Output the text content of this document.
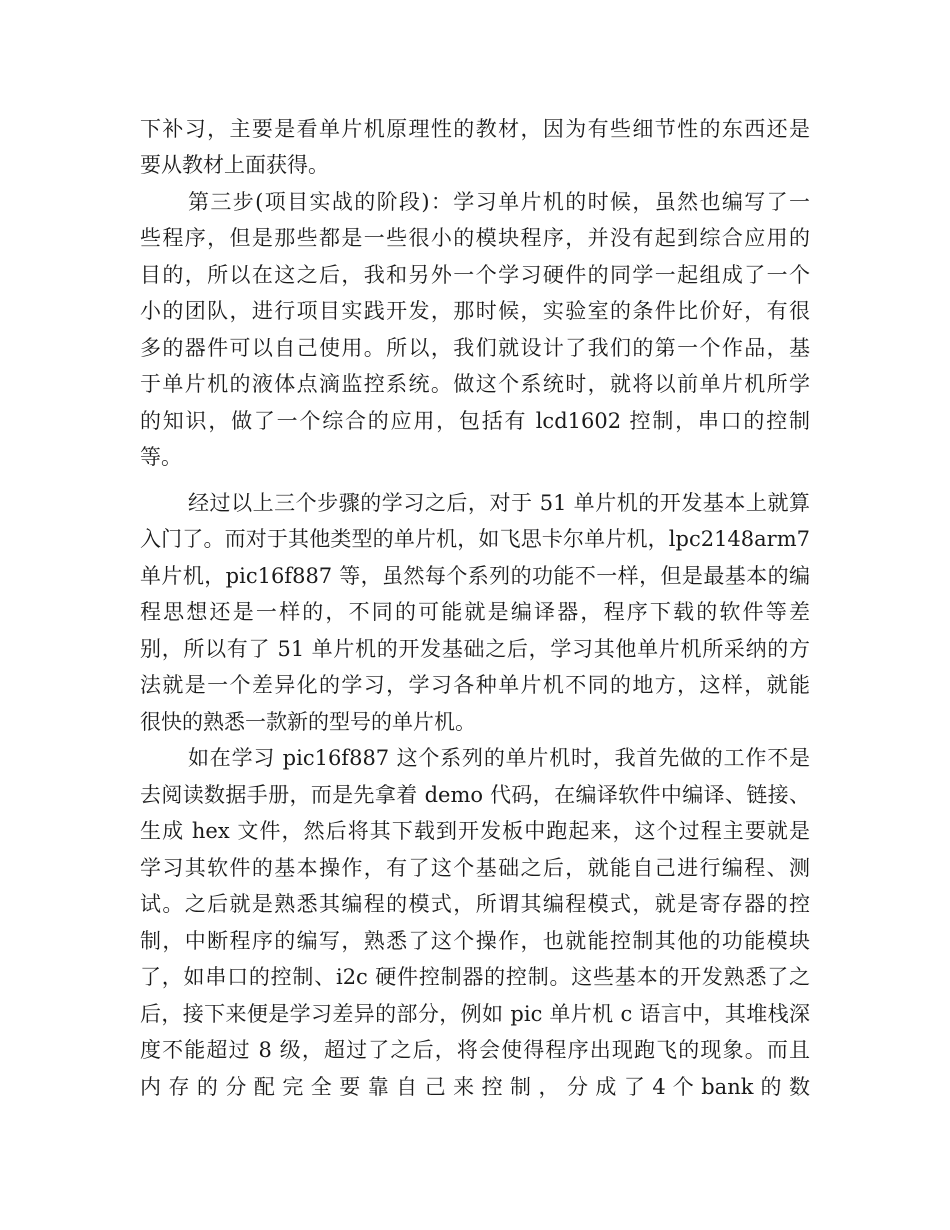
下补习，主要是看单片机原理性的教材，因为有些细节性的东西还是
要从教材上面获得。
第三步(项目实战的阶段)：学习单片机的时候，虽然也编写了一
些程序，但是那些都是一些很小的模块程序，并没有起到综合应用的
目的，所以在这之后，我和另外一个学习硬件的同学一起组成了一个
小的团队，进行项目实践开发，那时候，实验室的条件比价好，有很
多的器件可以自己使用。所以，我们就设计了我们的第一个作品，基
于单片机的液体点滴监控系统。做这个系统时，就将以前单片机所学
的知识，做了一个综合的应用，包括有 lcd1602 控制，串口的控制
等。
经过以上三个步骤的学习之后，对于 51 单片机的开发基本上就算
入门了。而对于其他类型的单片机，如飞思卡尔单片机，lpc2148arm7
单片机，pic16f887 等，虽然每个系列的功能不一样，但是最基本的编
程思想还是一样的，不同的可能就是编译器，程序下载的软件等差
别，所以有了 51 单片机的开发基础之后，学习其他单片机所采纳的方
法就是一个差异化的学习，学习各种单片机不同的地方，这样，就能
很快的熟悉一款新的型号的单片机。
如在学习 pic16f887 这个系列的单片机时，我首先做的工作不是
去阅读数据手册，而是先拿着 demo 代码，在编译软件中编译、链接、
生成 hex 文件，然后将其下载到开发板中跑起来，这个过程主要就是
学习其软件的基本操作，有了这个基础之后，就能自己进行编程、测
试。之后就是熟悉其编程的模式，所谓其编程模式，就是寄存器的控
制，中断程序的编写，熟悉了这个操作，也就能控制其他的功能模块
了，如串口的控制、i2c 硬件控制器的控制。这些基本的开发熟悉了之
后，接下来便是学习差异的部分，例如 pic 单片机 c 语言中，其堆栈深
度不能超过 8 级，超过了之后，将会使得程序出现跑飞的现象。而且
内 存 的 分 配 完 全 要 靠 自 己 来 控 制 ， 分 成 了 4 个 bank 的 数
